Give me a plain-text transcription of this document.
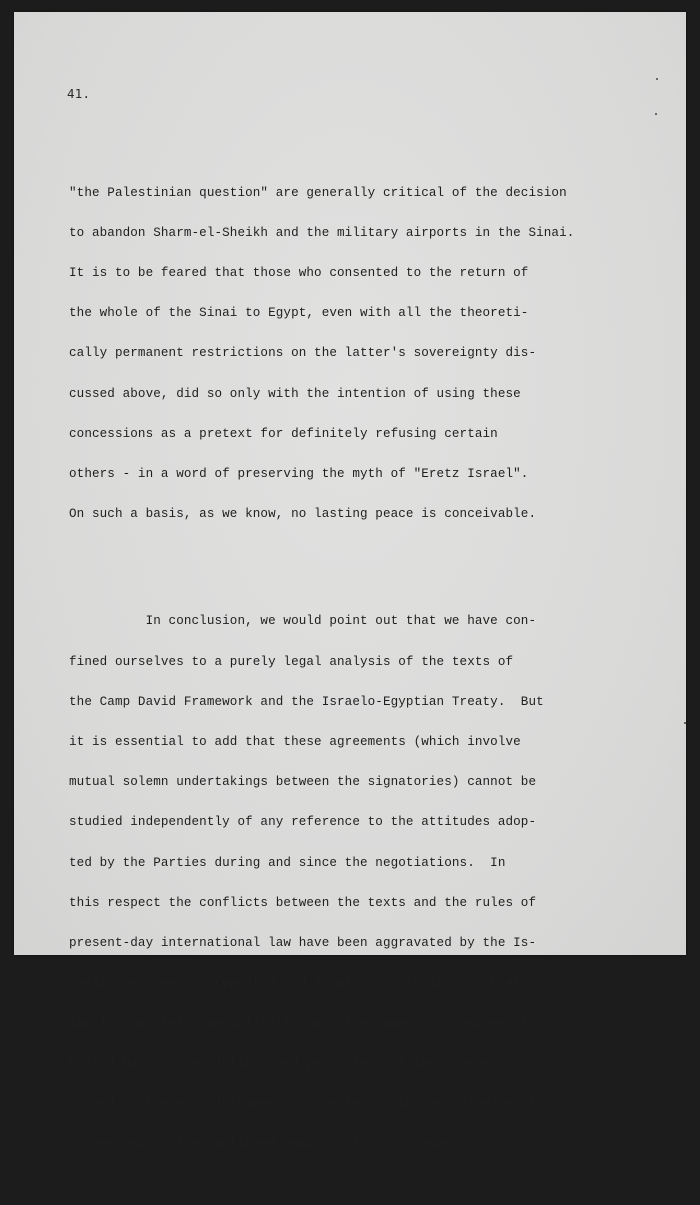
41.

"the Palestinian question" are generally critical of the decision

to abandon Sharm-el-Sheikh and the military airports in the Sinai.

It is to be feared that those who consented to the return of

the whole of the Sinai to Egypt, even with all the theoreti-

cally permanent restrictions on the latter's sovereignty dis-

cussed above, did so only with the intention of using these

concessions as a pretext for definitely refusing certain

others - in a word of preserving the myth of "Eretz Israel".

On such a basis, as we know, no lasting peace is conceivable.

In conclusion, we would point out that we have con-

fined ourselves to a purely legal analysis of the texts of

the Camp David Framework and the Israelo-Egyptian Treaty.  But

it is essential to add that these agreements (which involve

mutual solemn undertakings between the signatories) cannot be

studied independently of any reference to the attitudes adop-

ted by the Parties during and since the negotiations.  In

this respect the conflicts between the texts and the rules of

present-day international law have been aggravated by the Is-

raeli government's repeated and flagrant violations of that

law in the field: we will cite only the numerous breaches of

United Nations resolutions and provisions of the Charter in-

volved in the establishment of colonies in the occupied terri-

tories and in the continued bombing of south Lebanon.
